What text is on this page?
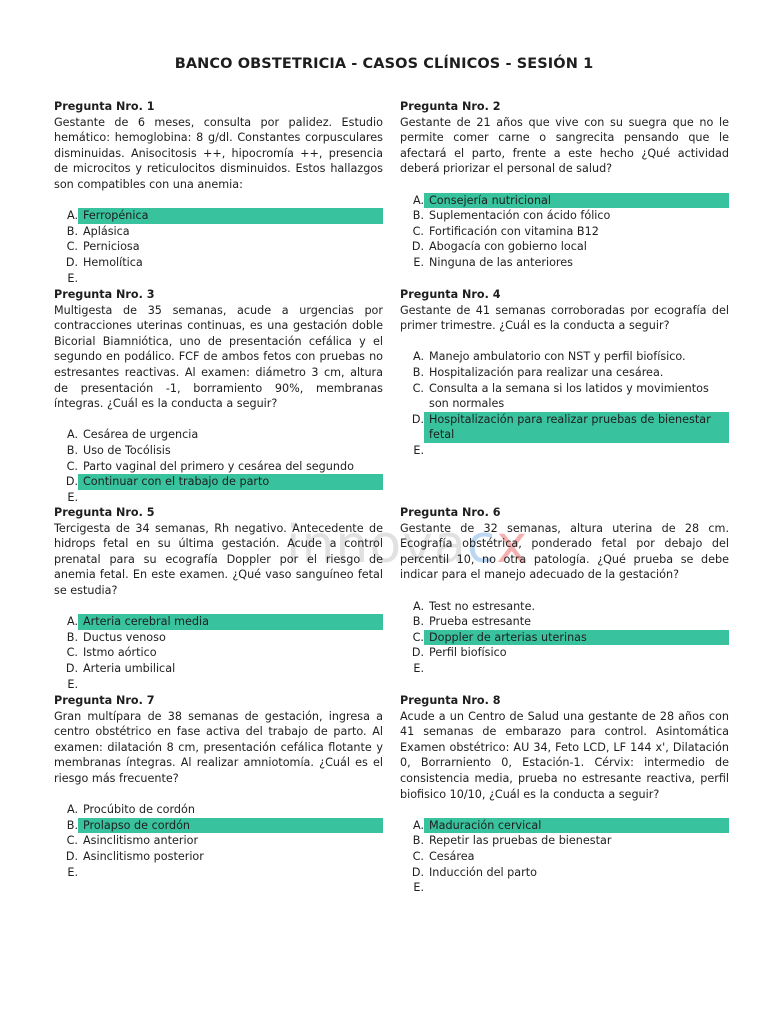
BANCO OBSTETRICIA - CASOS CLÍNICOS - SESIÓN 1
innovacx
Pregunta Nro. 1
Gestante de 6 meses, consulta por palidez. Estudio hemático: hemoglobina: 8 g/dl. Constantes corpusculares disminuidas. Anisocitosis ++, hipocromía ++, presencia de microcitos y reticulocitos disminuidos. Estos hallazgos son compatibles con una anemia:
A. Ferropénica
B. Aplásica
C. Perniciosa
D. Hemolítica
E.
Pregunta Nro. 2
Gestante de 21 años que vive con su suegra que no le permite comer carne o sangrecita pensando que le afectará el parto, frente a este hecho ¿Qué actividad deberá priorizar el personal de salud?
A. Consejería nutricional
B. Suplementación con ácido fólico
C. Fortificación con vitamina B12
D. Abogacía con gobierno local
E. Ninguna de las anteriores
Pregunta Nro. 3
Multigesta de 35 semanas, acude a urgencias por contracciones uterinas continuas, es una gestación doble Bicorial Biamniótica, uno de presentación cefálica y el segundo en podálico. FCF de ambos fetos con pruebas no estresantes reactivas. Al examen: diámetro 3 cm, altura de presentación -1, borramiento 90%, membranas íntegras. ¿Cuál es la conducta a seguir?
A. Cesárea de urgencia
B. Uso de Tocólisis
C. Parto vaginal del primero y cesárea del segundo
D. Continuar con el trabajo de parto
E.
Pregunta Nro. 4
Gestante de 41 semanas corroboradas por ecografía del primer trimestre. ¿Cuál es la conducta a seguir?
A. Manejo ambulatorio con NST y perfil biofísico.
B. Hospitalización para realizar una cesárea.
C. Consulta a la semana si los latidos y movimientos son normales
D. Hospitalización para realizar pruebas de bienestar fetal
E.
Pregunta Nro. 5
Tercigesta de 34 semanas, Rh negativo. Antecedente de hidrops fetal en su última gestación. Acude a control prenatal para su ecografía Doppler por el riesgo de anemia fetal. En este examen. ¿Qué vaso sanguíneo fetal se estudia?
A. Arteria cerebral media
B. Ductus venoso
C. Istmo aórtico
D. Arteria umbilical
E.
Pregunta Nro. 6
Gestante de 32 semanas, altura uterina de 28 cm. Ecografía obstétrica, ponderado fetal por debajo del percentil 10, no otra patología. ¿Qué prueba se debe indicar para el manejo adecuado de la gestación?
A. Test no estresante.
B. Prueba estresante
C. Doppler de arterias uterinas
D. Perfil biofísico
E.
Pregunta Nro. 7
Gran multípara de 38 semanas de gestación, ingresa a centro obstétrico en fase activa del trabajo de parto. Al examen: dilatación 8 cm, presentación cefálica flotante y membranas íntegras. Al realizar amniotomía. ¿Cuál es el riesgo más frecuente?
A. Procúbito de cordón
B. Prolapso de cordón
C. Asinclitismo anterior
D. Asinclitismo posterior
E.
Pregunta Nro. 8
Acude a un Centro de Salud una gestante de 28 años con 41 semanas de embarazo para control. Asintomática Examen obstétrico: AU 34, Feto LCD, LF 144 x', Dilatación 0, Borrarniento 0, Estación-1. Cérvix: intermedio de consistencia media, prueba no estresante reactiva, perfil biofisico 10/10, ¿Cuál es la conducta a seguir?
A. Maduración cervical
B. Repetir las pruebas de bienestar
C. Cesárea
D. Inducción del parto
E.
